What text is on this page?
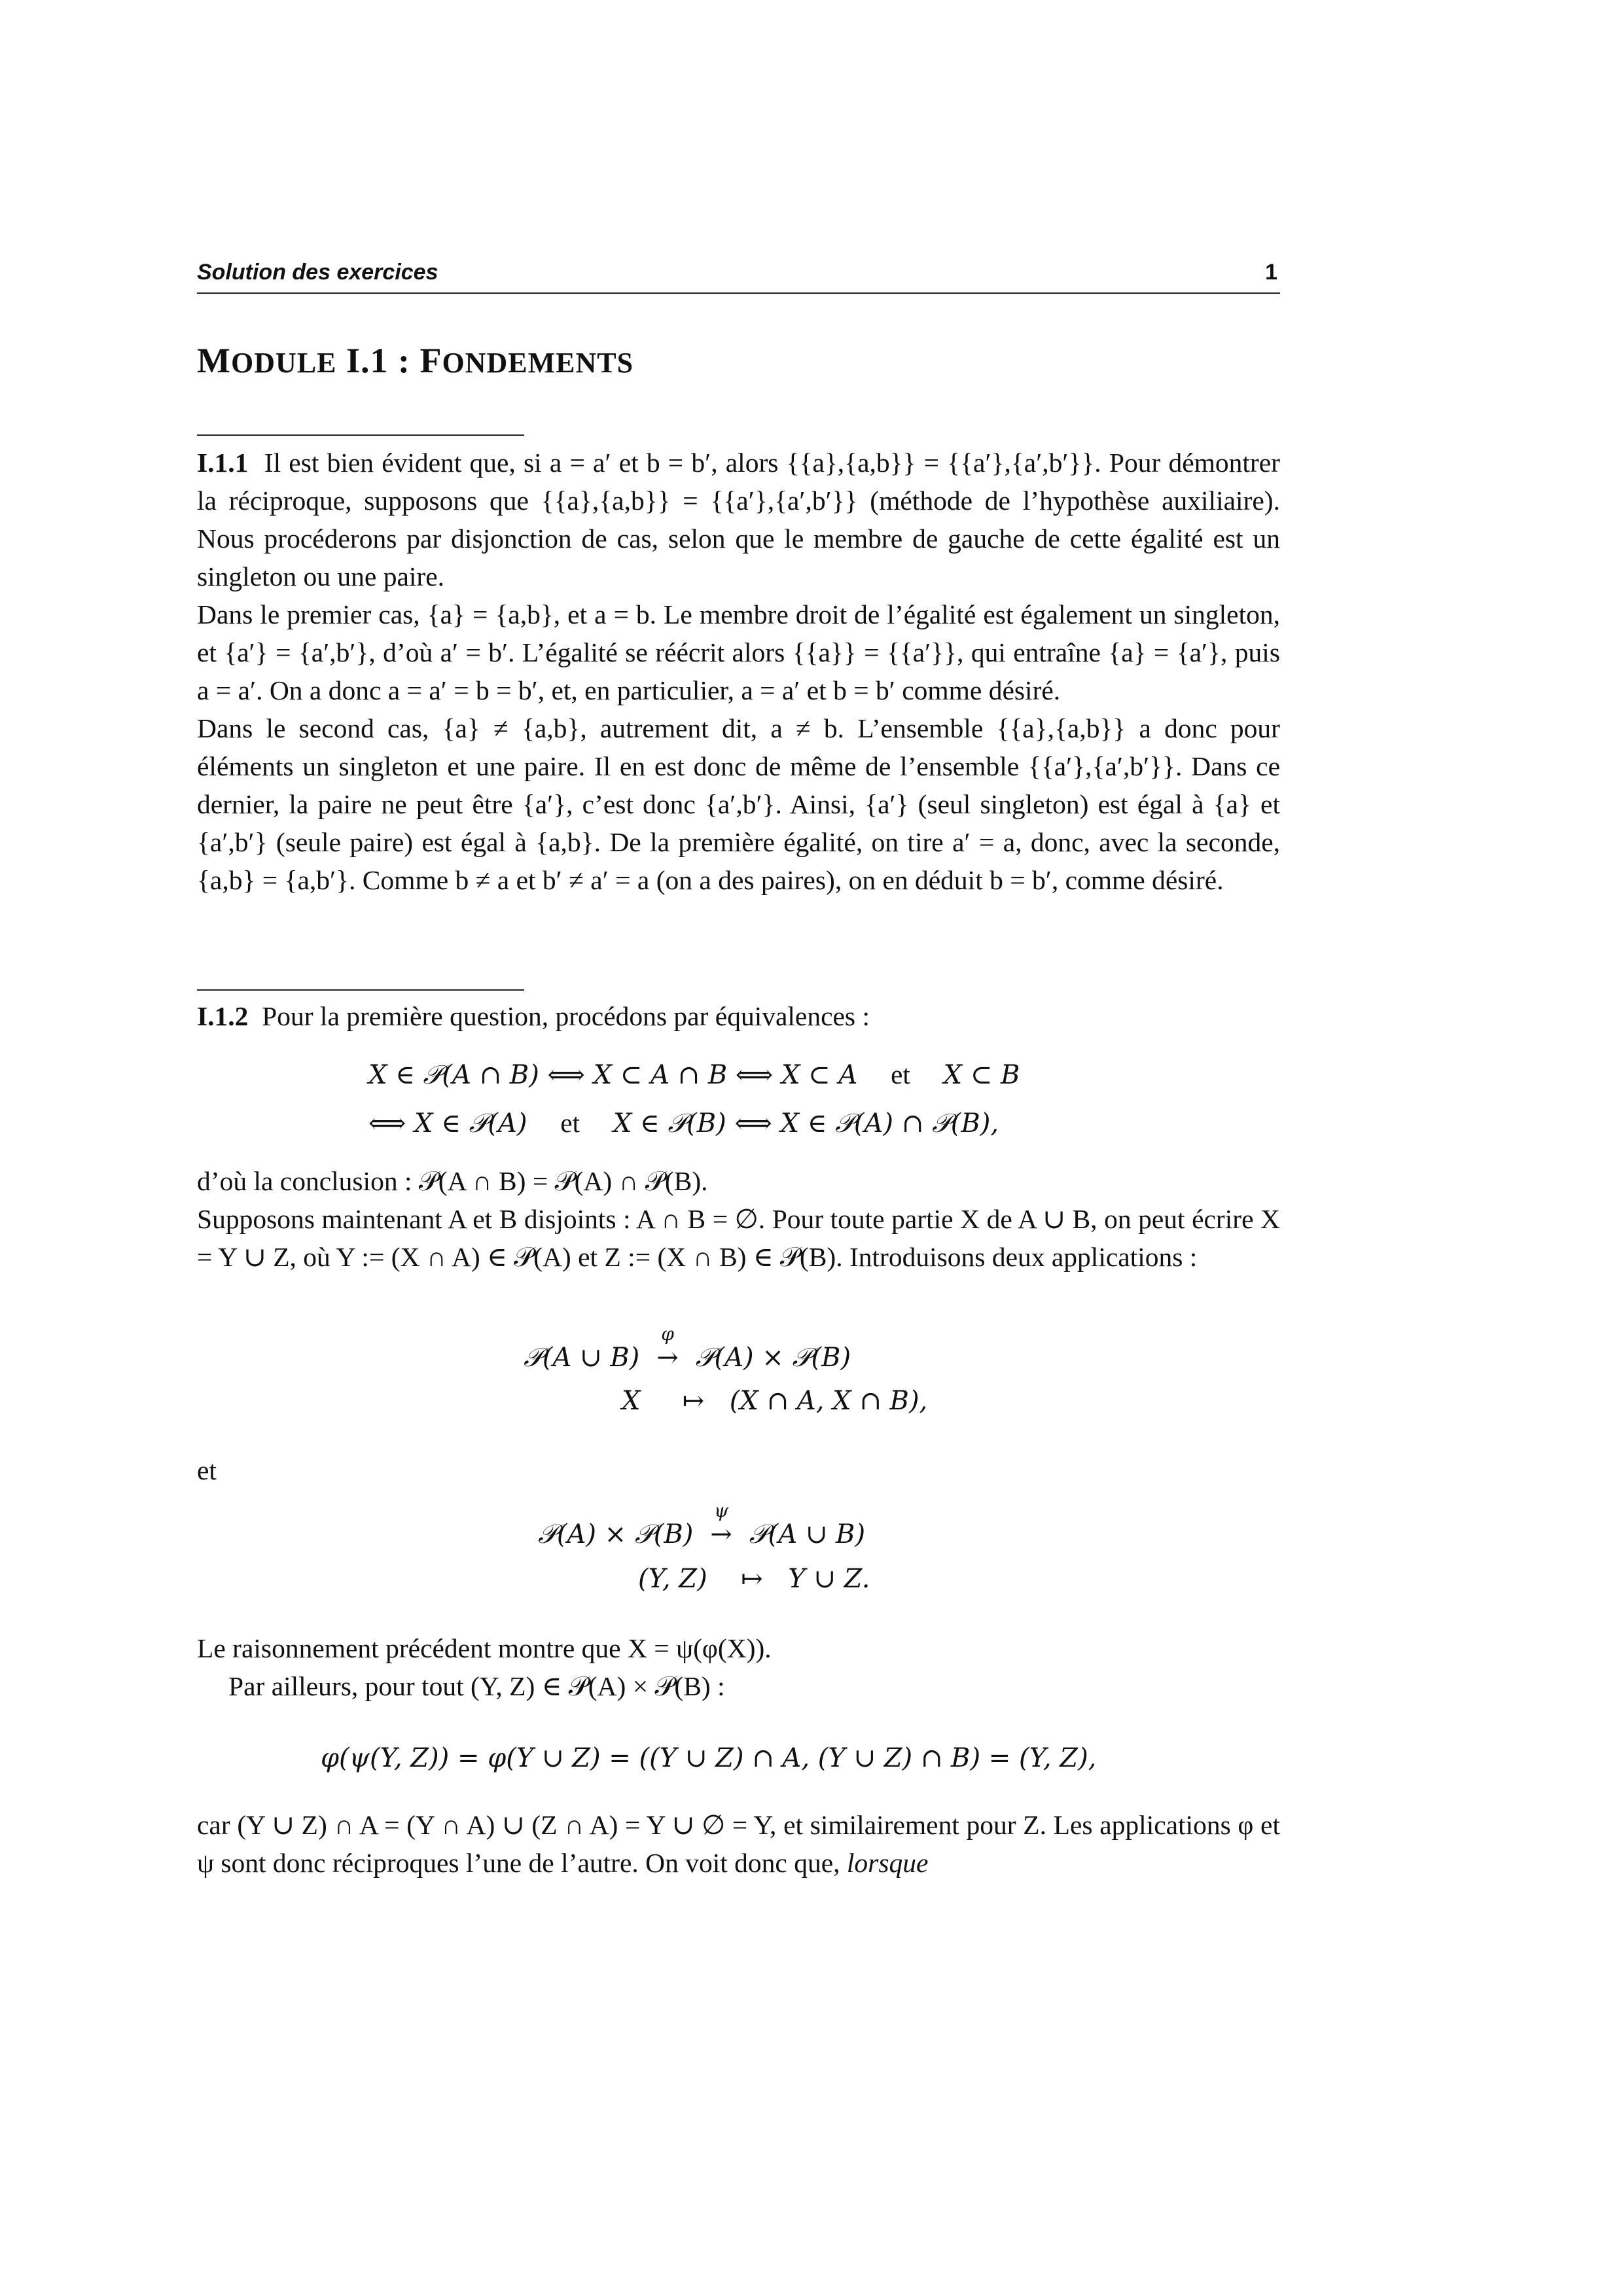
Solution des exercices	1
MODULE I.1 : FONDEMENTS

I.1.1 Il est bien évident que, si a = a′ et b = b′, alors {{a},{a,b}} = {{a′},{a′,b′}}. Pour démontrer la réciproque, supposons que {{a},{a,b}} = {{a′},{a′,b′}} (méthode de l’hypothèse auxiliaire). Nous procéderons par disjonction de cas, selon que le membre de gauche de cette égalité est un singleton ou une paire.

Dans le premier cas, {a} = {a,b}, et a = b. Le membre droit de l’égalité est également un singleton, et {a′} = {a′,b′}, d’où a′ = b′. L’égalité se réécrit alors {{a}} = {{a′}}, qui entraîne {a} = {a′}, puis a = a′. On a donc a = a′ = b = b′, et, en particulier, a = a′ et b = b′ comme désiré.

Dans le second cas, {a} ≠ {a,b}, autrement dit, a ≠ b. L’ensemble {{a},{a,b}} a donc pour éléments un singleton et une paire. Il en est donc de même de l’ensemble {{a′},{a′,b′}}. Dans ce dernier, la paire ne peut être {a′}, c’est donc {a′,b′}. Ainsi, {a′} (seul singleton) est égal à {a} et {a′,b′} (seule paire) est égal à {a,b}. De la première égalité, on tire a′ = a, donc, avec la seconde, {a,b} = {a,b′}. Comme b ≠ a et b′ ≠ a′ = a (on a des paires), on en déduit b = b′, comme désiré.

I.1.2 Pour la première question, procédons par équivalences :

X ∈ 𝒫(A ∩ B) ⟺ X ⊂ A ∩ B ⟺ X ⊂ A et X ⊂ B
⟺ X ∈ 𝒫(A) et X ∈ 𝒫(B) ⟺ X ∈ 𝒫(A) ∩ 𝒫(B),

d’où la conclusion : 𝒫(A ∩ B) = 𝒫(A) ∩ 𝒫(B).

Supposons maintenant A et B disjoints : A ∩ B = ∅. Pour toute partie X de A ∪ B, on peut écrire X = Y ∪ Z, où Y := (X ∩ A) ∈ 𝒫(A) et Z := (X ∩ B) ∈ 𝒫(B). Introduisons deux applications :

𝒫(A ∪ B)
φ
→ 𝒫(A) × 𝒫(B)
X ↦ (X ∩ A, X ∩ B),

et

𝒫(A) × 𝒫(B)
ψ
→ 𝒫(A ∪ B)
(Y, Z) ↦ Y ∪ Z.

Le raisonnement précédent montre que X = ψ(φ(X)).

Par ailleurs, pour tout (Y, Z) ∈ 𝒫(A) × 𝒫(B) :

φ(ψ(Y, Z)) = φ(Y ∪ Z) = ((Y ∪ Z) ∩ A, (Y ∪ Z) ∩ B) = (Y, Z),

car (Y ∪ Z) ∩ A = (Y ∩ A) ∪ (Z ∩ A) = Y ∪ ∅ = Y, et similairement pour Z. Les applications φ et ψ sont donc réciproques l’une de l’autre. On voit donc que, lorsque
